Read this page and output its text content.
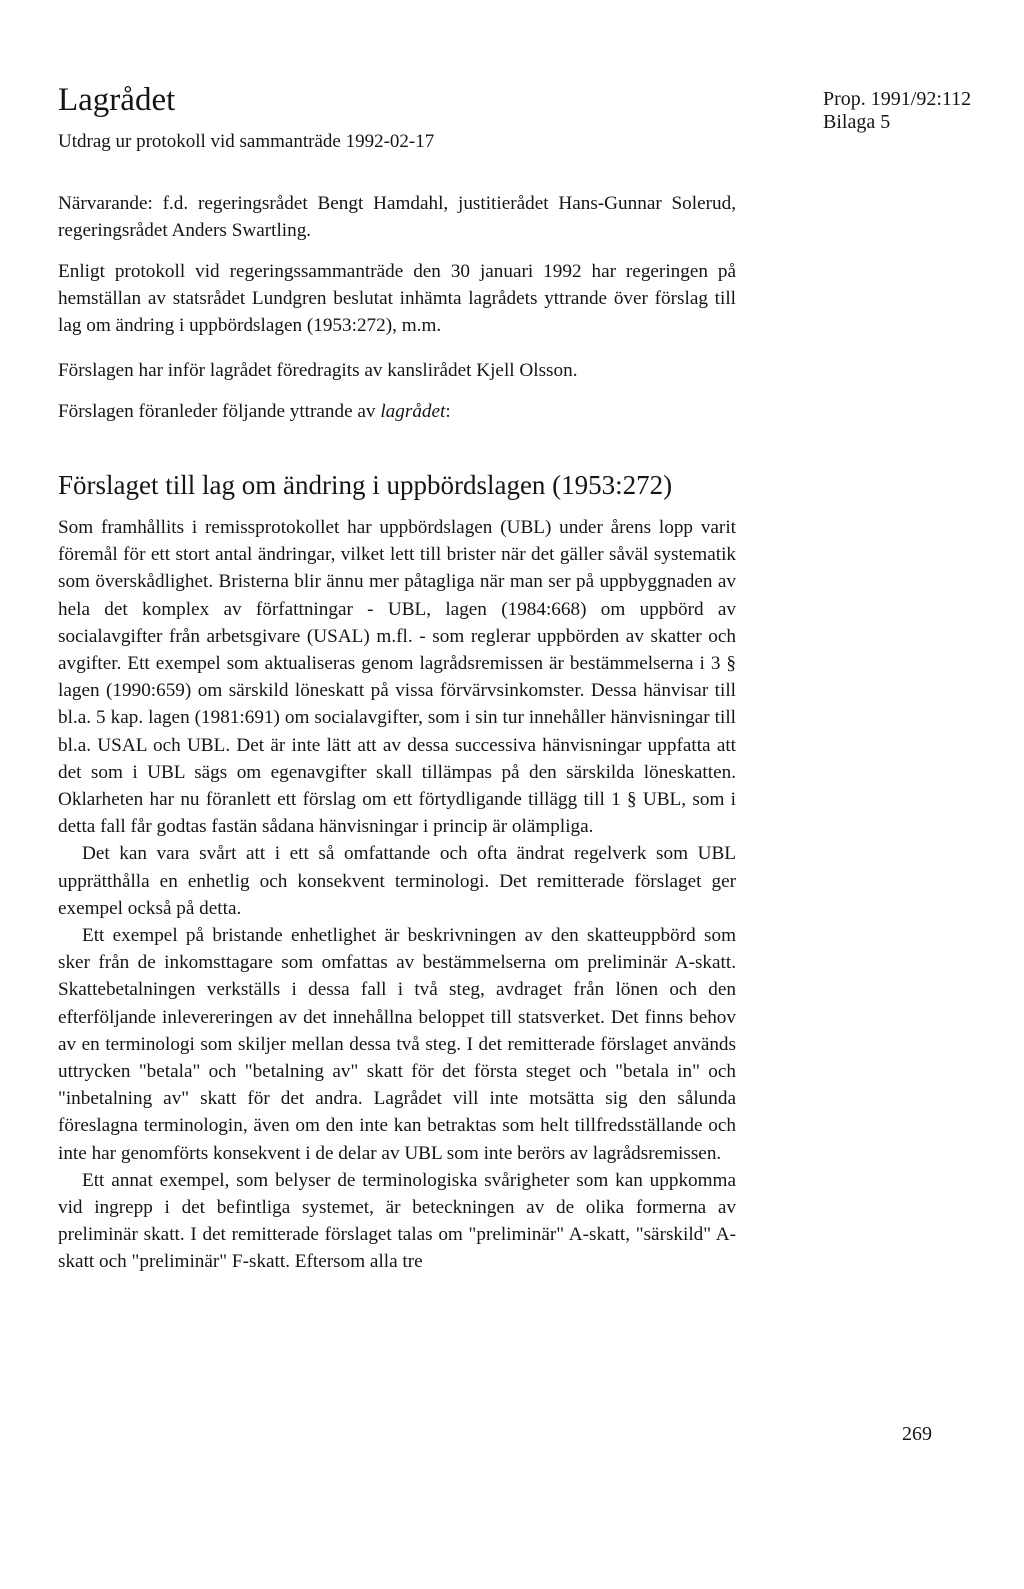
Lagrådet
Utdrag ur protokoll vid sammanträde 1992-02-17
Prop. 1991/92:112
Bilaga 5

Närvarande: f.d. regeringsrådet Bengt Hamdahl, justitierådet Hans-Gunnar Solerud, regeringsrådet Anders Swartling.

Enligt protokoll vid regeringssammanträde den 30 januari 1992 har regeringen på hemställan av statsrådet Lundgren beslutat inhämta lagrådets yttrande över förslag till lag om ändring i uppbördslagen (1953:272), m.m.

Förslagen har inför lagrådet föredragits av kanslirådet Kjell Olsson.

Förslagen föranleder följande yttrande av lagrådet:

Förslaget till lag om ändring i uppbördslagen (1953:272)

Som framhållits i remissprotokollet har uppbördslagen (UBL) under årens lopp varit föremål för ett stort antal ändringar, vilket lett till brister när det gäller såväl systematik som överskådlighet. Bristerna blir ännu mer påtagliga när man ser på uppbyggnaden av hela det komplex av författningar - UBL, lagen (1984:668) om uppbörd av socialavgifter från arbetsgivare (USAL) m.fl. - som reglerar uppbörden av skatter och avgifter. Ett exempel som aktualiseras genom lagrådsremissen är bestämmelserna i 3 § lagen (1990:659) om särskild löneskatt på vissa förvärvsinkomster. Dessa hänvisar till bl.a. 5 kap. lagen (1981:691) om socialavgifter, som i sin tur innehåller hänvisningar till bl.a. USAL och UBL. Det är inte lätt att av dessa successiva hänvisningar uppfatta att det som i UBL sägs om egenavgifter skall tillämpas på den särskilda löneskatten. Oklarheten har nu föranlett ett förslag om ett förtydligande tillägg till 1 § UBL, som i detta fall får godtas fastän sådana hänvisningar i princip är olämpliga.

Det kan vara svårt att i ett så omfattande och ofta ändrat regelverk som UBL upprätthålla en enhetlig och konsekvent terminologi. Det remitterade förslaget ger exempel också på detta.

Ett exempel på bristande enhetlighet är beskrivningen av den skatteuppbörd som sker från de inkomsttagare som omfattas av bestämmelserna om preliminär A-skatt. Skattebetalningen verkställs i dessa fall i två steg, avdraget från lönen och den efterföljande inlevereringen av det innehållna beloppet till statsverket. Det finns behov av en terminologi som skiljer mellan dessa två steg. I det remitterade förslaget används uttrycken "betala" och "betalning av" skatt för det första steget och "betala in" och "inbetalning av" skatt för det andra. Lagrådet vill inte motsätta sig den sålunda föreslagna terminologin, även om den inte kan betraktas som helt tillfredsställande och inte har genomförts konsekvent i de delar av UBL som inte berörs av lagrådsremissen.

Ett annat exempel, som belyser de terminologiska svårigheter som kan uppkomma vid ingrepp i det befintliga systemet, är beteckningen av de olika formerna av preliminär skatt. I det remitterade förslaget talas om "preliminär" A-skatt, "särskild" A-skatt och "preliminär" F-skatt. Eftersom alla tre

269
